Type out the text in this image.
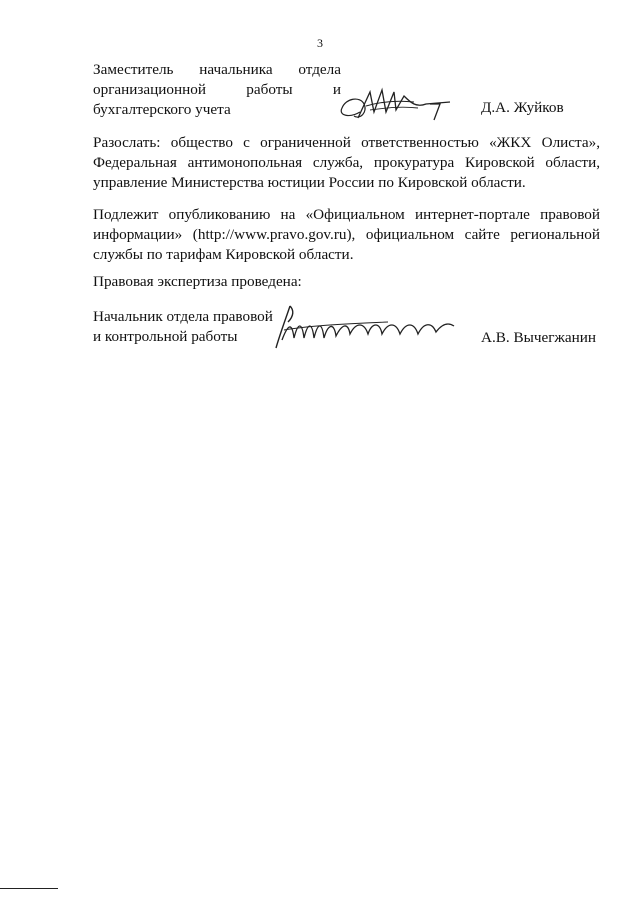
3
Заместитель начальника отдела
организационной работы и
бухгалтерского учета	Д.А. Жуйков
Разослать: общество с ограниченной ответственностью «ЖКХ Олиста»,
Федеральная антимонопольная служба, прокуратура Кировской области,
управление Министерства юстиции России по Кировской области.
Подлежит опубликованию на «Официальном интернет-портале правовой
информации» (http://www.pravo.gov.ru), официальном сайте региональной
службы по тарифам Кировской области.
Правовая экспертиза проведена:
Начальник отдела правовой
и контрольной работы	А.В. Вычегжанин
